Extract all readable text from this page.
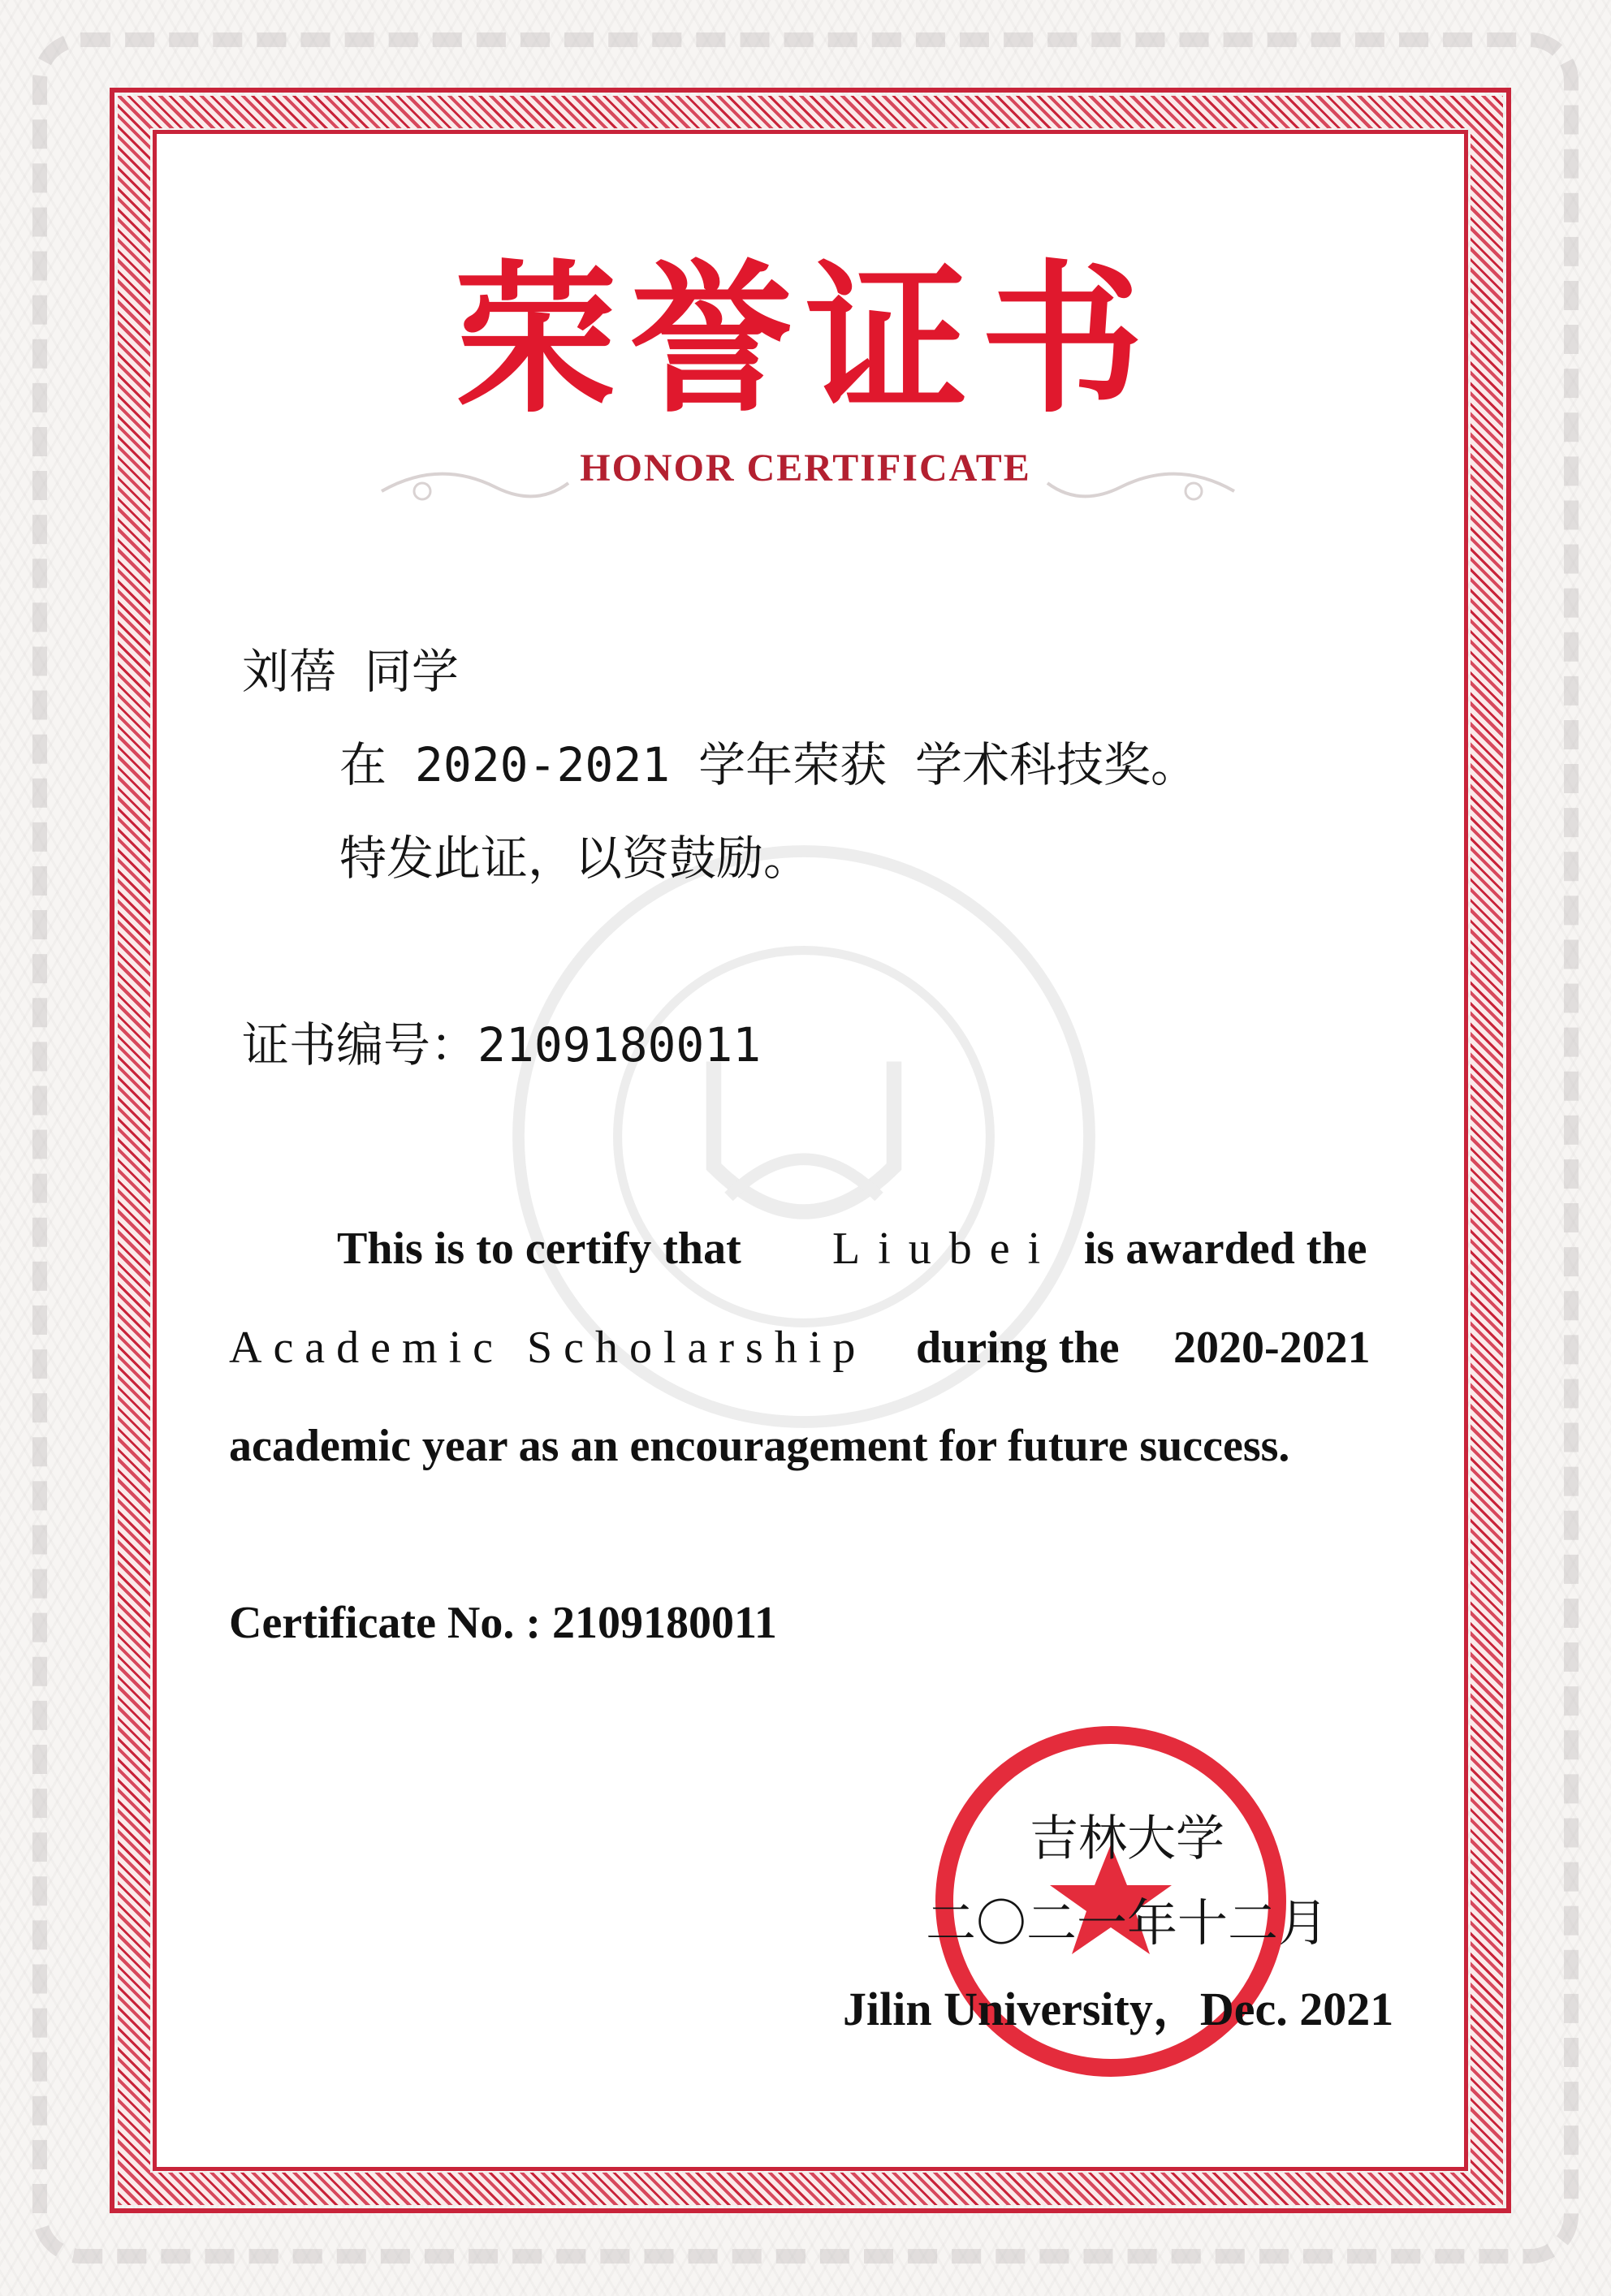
荣誉证书
HONOR CERTIFICATE
刘蓓 同学
在 2020-2021 学年荣获 学术科技奖。
特发此证，以资鼓励。
证书编号：2109180011
This is to certify that Liubei is awarded the
Academic Scholarship during the 2020-2021
academic year as an encouragement for future success.
Certificate No. : 2109180011
吉林大学
二〇二一年十二月
Jilin University，Dec. 2021
